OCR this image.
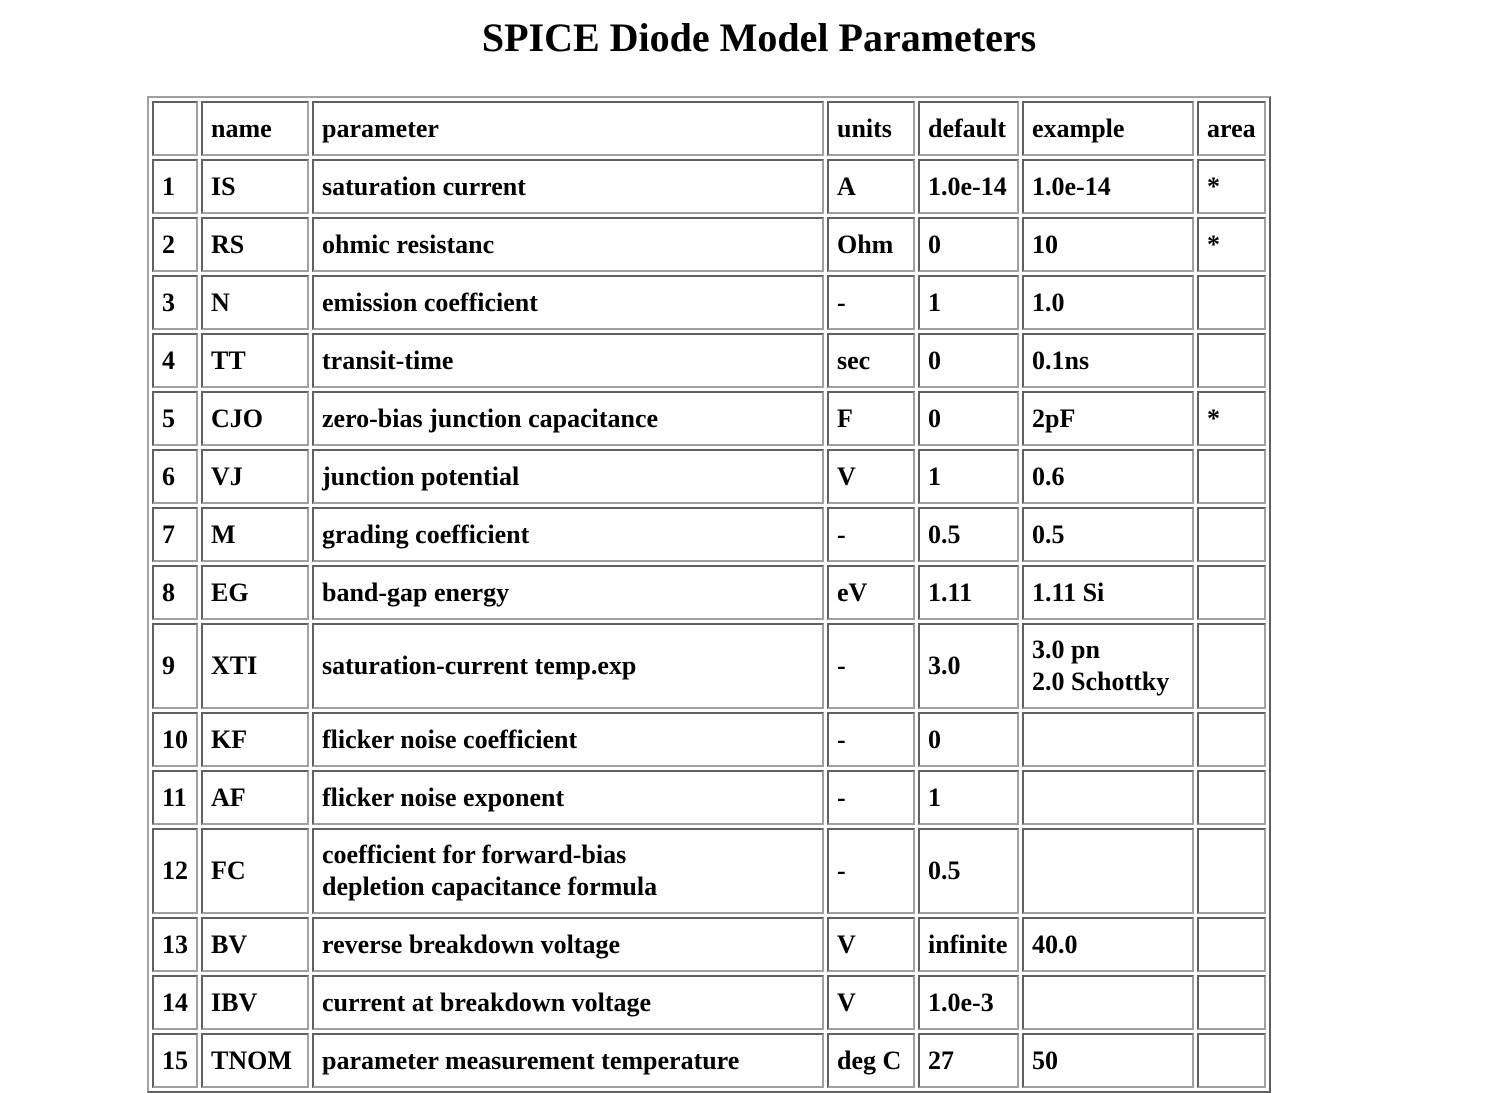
SPICE Diode Model Parameters
	name	parameter	units	default	example	area
1	IS	saturation current	A	1.0e-14	1.0e-14	*
2	RS	ohmic resistanc	Ohm	0	10	*
3	N	emission coefficient	-	1	1.0	

4	TT	transit-time	sec	0	0.1ns	

5	CJO	zero-bias junction capacitance	F	0	2pF	*
6	VJ	junction potential	V	1	0.6	

7	M	grading coefficient	-	0.5	0.5	

8	EG	band-gap energy	eV	1.11	1.11 Si	

9	XTI	saturation-current temp.exp	-	3.0	3.0 pn
2.0 Schottky	

10	KF	flicker noise coefficient	-	0	

11	AF	flicker noise exponent	-	1	

12	FC	coefficient for forward-bias
depletion capacitance formula	-	0.5	

13	BV	reverse breakdown voltage	V	infinite	40.0	

14	IBV	current at breakdown voltage	V	1.0e-3	

15	TNOM	parameter measurement temperature	deg C	27	50	
